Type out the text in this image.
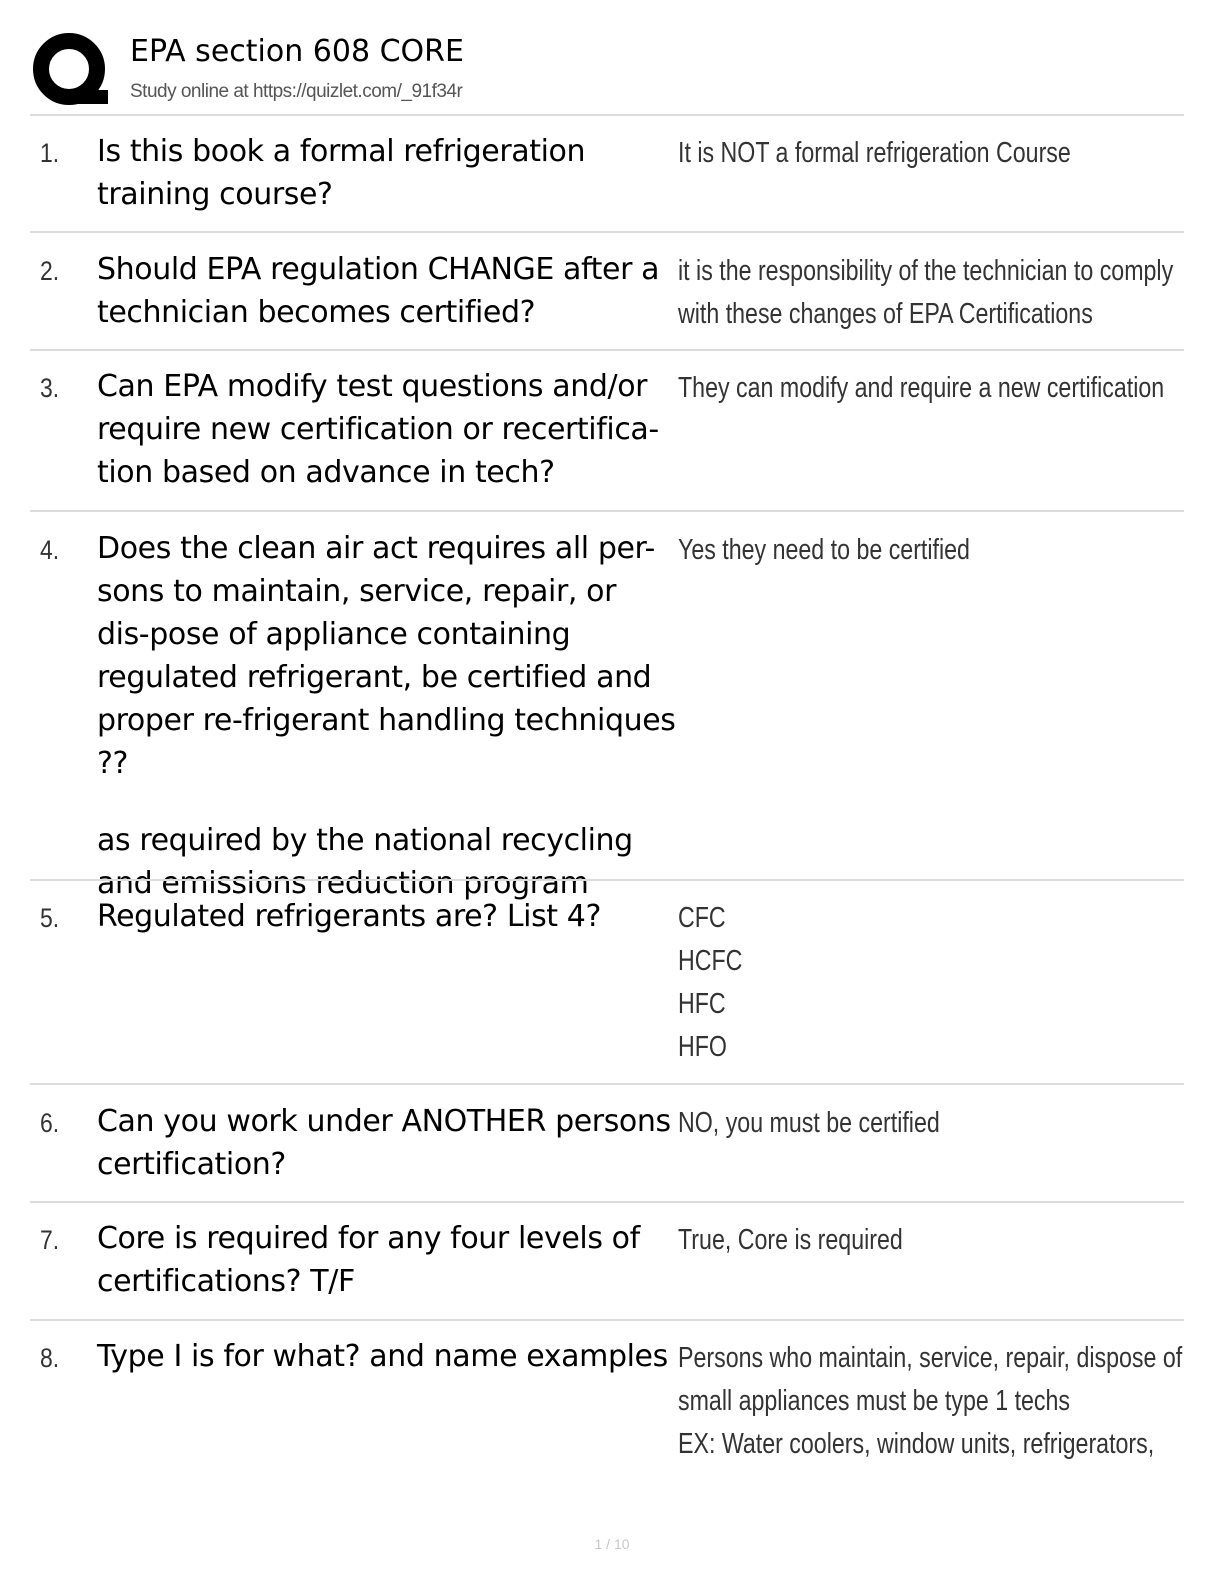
EPA section 608 CORE
Study online at https://quizlet.com/_91f34r
1. Is this book a formal refrigeration training course?

It is NOT a formal refrigeration Course
2. Should EPA regulation CHANGE after a technician becomes certified?

it is the responsibility of the technician to comply
with these changes of EPA Certifications
3. Can EPA modify test questions and/or require new certification or recertifica-tion based on advance in tech?

They can modify and require a new certification
4. Does the clean air act requires all per-sons to maintain, service, repair, or dis-pose of appliance containing regulated refrigerant, be certified and proper re-frigerant handling techniques ??

as required by the national recycling and emissions reduction program

Yes they need to be certified
5. Regulated refrigerants are? List 4?	CFC
HCFC
HFC
HFO
6. Can you work under ANOTHER persons certification?

NO, you must be certified
7. Core is required for any four levels of certifications? T/F

True, Core is required
8. Type I is for what? and name examples Persons who maintain, service, repair, dispose of
small appliances must be type 1 techs
EX: Water coolers, window units, refrigerators,
1 / 10
